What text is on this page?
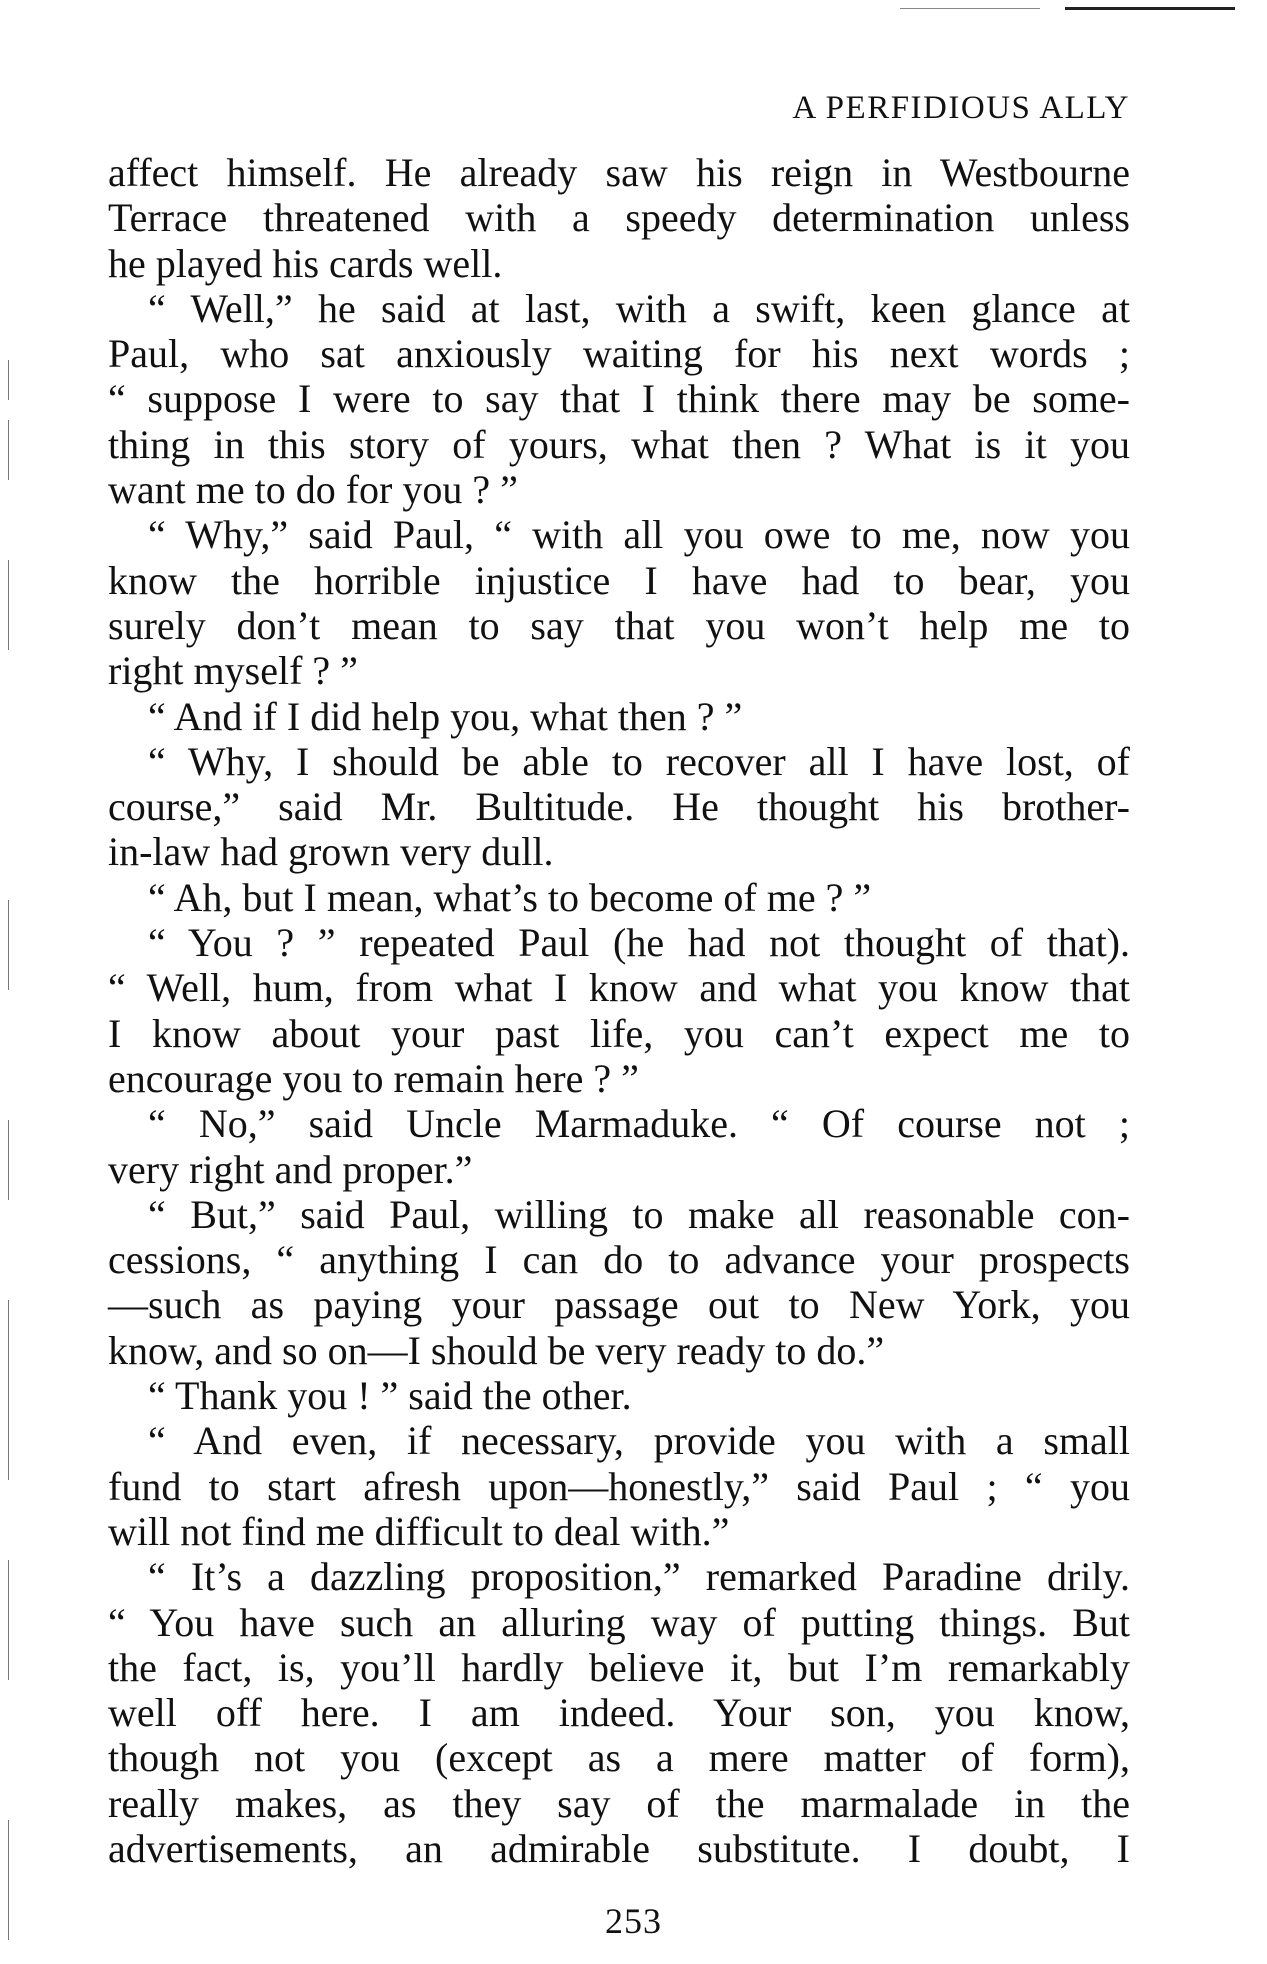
A PERFIDIOUS ALLY
affect himself. He already saw his reign in Westbourne
Terrace threatened with a speedy determination unless
he played his cards well.
“ Well,” he said at last, with a swift, keen glance at
Paul, who sat anxiously waiting for his next words ;
“ suppose I were to say that I think there may be some-
thing in this story of yours, what then ? What is it you
want me to do for you ? ”
“ Why,” said Paul, “ with all you owe to me, now you
know the horrible injustice I have had to bear, you
surely don’t mean to say that you won’t help me to
right myself ? ”
“ And if I did help you, what then ? ”
“ Why, I should be able to recover all I have lost, of
course,” said Mr. Bultitude. He thought his brother-
in-law had grown very dull.
“ Ah, but I mean, what’s to become of me ? ”
“ You ? ” repeated Paul (he had not thought of that).
“ Well, hum, from what I know and what you know that
I know about your past life, you can’t expect me to
encourage you to remain here ? ”
“ No,” said Uncle Marmaduke. “ Of course not ;
very right and proper.”
“ But,” said Paul, willing to make all reasonable con-
cessions, “ anything I can do to advance your prospects
—such as paying your passage out to New York, you
know, and so on—I should be very ready to do.”
“ Thank you ! ” said the other.
“ And even, if necessary, provide you with a small
fund to start afresh upon—honestly,” said Paul ; “ you
will not find me difficult to deal with.”
“ It’s a dazzling proposition,” remarked Paradine drily.
“ You have such an alluring way of putting things. But
the fact, is, you’ll hardly believe it, but I’m remarkably
well off here. I am indeed. Your son, you know,
though not you (except as a mere matter of form),
really makes, as they say of the marmalade in the
advertisements, an admirable substitute. I doubt, I
253
